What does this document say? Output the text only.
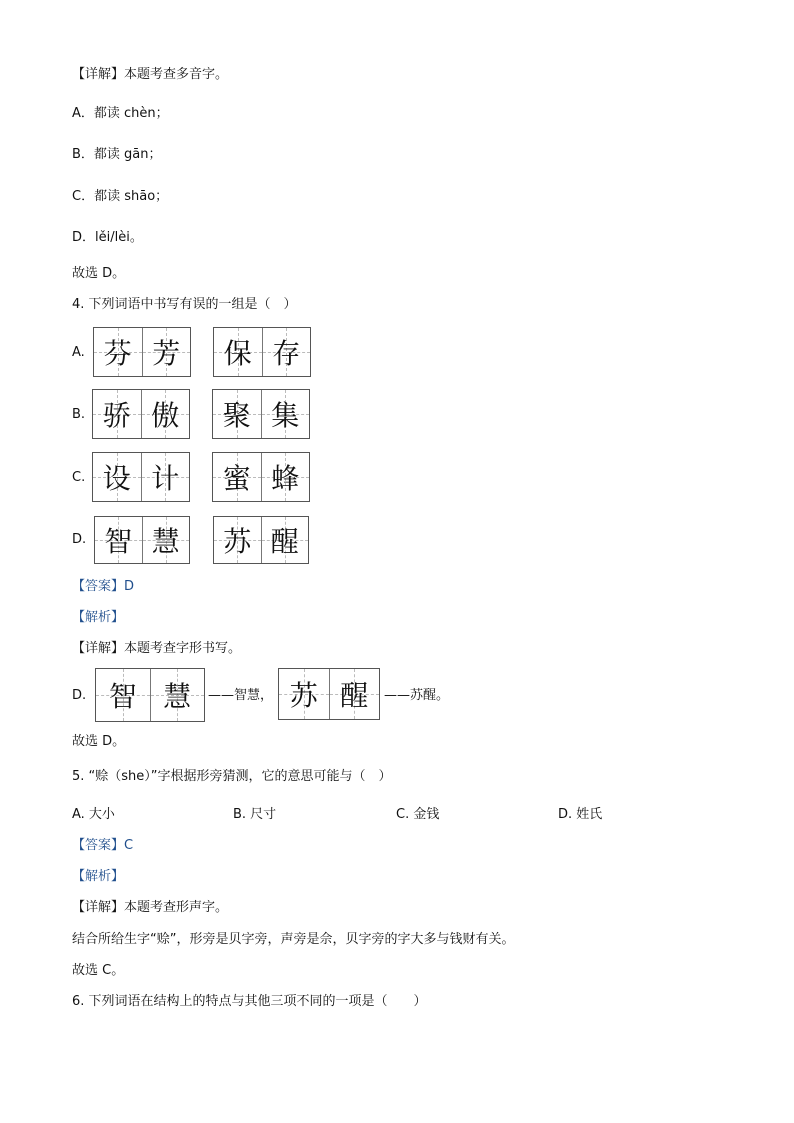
【详解】本题考查多音字。
A．都读 chèn；
B．都读 gān；
C．都读 shāo；
D．lěi/lèi。
故选 D。
4. 下列词语中书写有误的一组是（　）
A. 芬 芳 保 存
B. 骄 傲 聚 集
C. 设 计 蜜 蜂
D. 智 慧 苏 醒
【答案】D
【解析】
【详解】本题考查字形书写。
D. 智 慧 ——智慧， 苏 醒 ——苏醒。
故选 D。
5. “赊（she）”字根据形旁猜测，它的意思可能与（　）
A. 大小	B. 尺寸	C. 金钱	D. 姓氏
【答案】C
【解析】
【详解】本题考查形声字。
结合所给生字“赊”，形旁是贝字旁，声旁是佘，贝字旁的字大多与钱财有关。
故选 C。
6. 下列词语在结构上的特点与其他三项不同的一项是（　　）
